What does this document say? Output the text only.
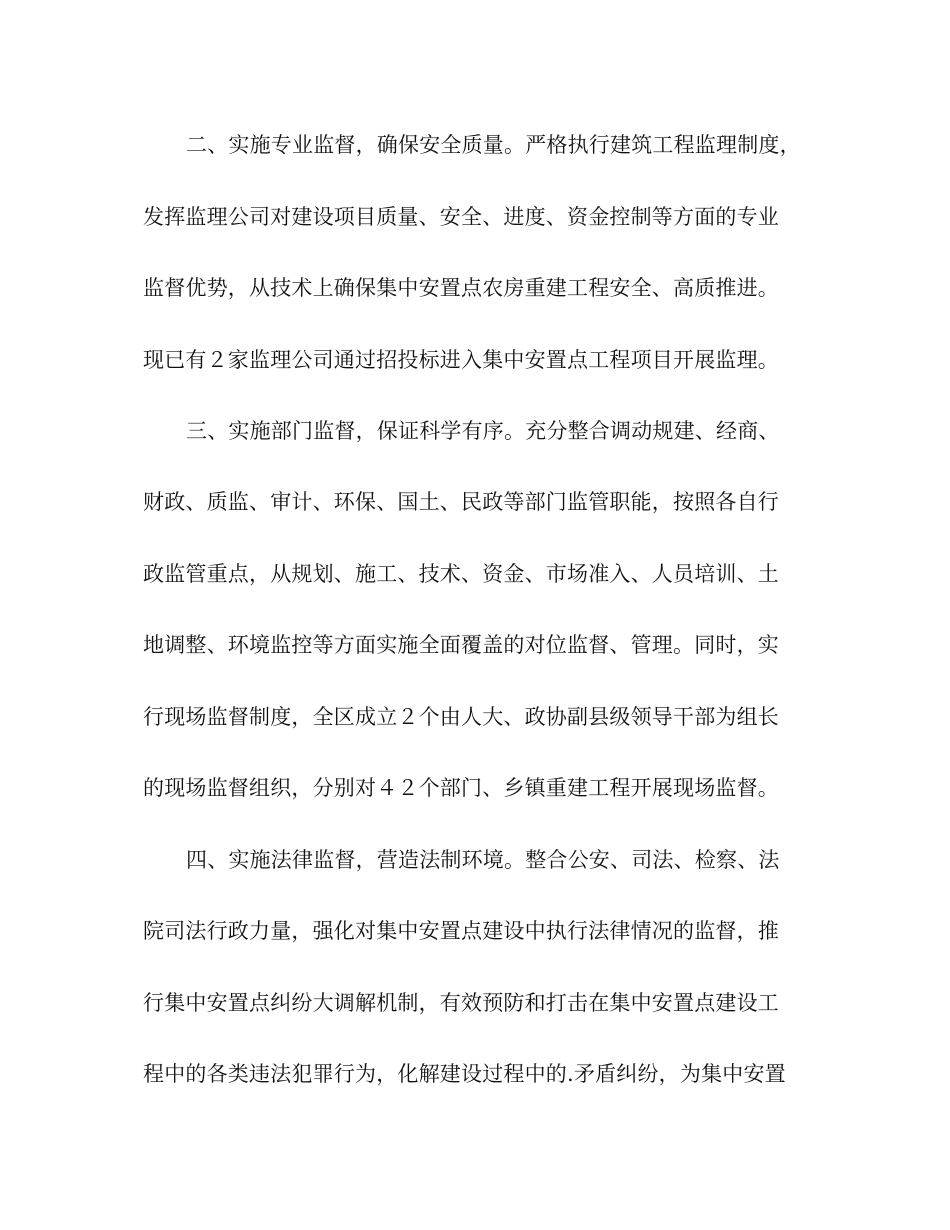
二、实施专业监督，确保安全质量。严格执行建筑工程监理制度，
发挥监理公司对建设项目质量、安全、进度、资金控制等方面的专业
监督优势，从技术上确保集中安置点农房重建工程安全、高质推进。
现已有２家监理公司通过招投标进入集中安置点工程项目开展监理。
三、实施部门监督，保证科学有序。充分整合调动规建、经商、
财政、质监、审计、环保、国土、民政等部门监管职能，按照各自行
政监管重点，从规划、施工、技术、资金、市场准入、人员培训、土
地调整、环境监控等方面实施全面覆盖的对位监督、管理。同时，实
行现场监督制度，全区成立２个由人大、政协副县级领导干部为组长
的现场监督组织，分别对４２个部门、乡镇重建工程开展现场监督。
四、实施法律监督，营造法制环境。整合公安、司法、检察、法
院司法行政力量，强化对集中安置点建设中执行法律情况的监督，推
行集中安置点纠纷大调解机制，有效预防和打击在集中安置点建设工
程中的各类违法犯罪行为，化解建设过程中的.矛盾纠纷，为集中安置
